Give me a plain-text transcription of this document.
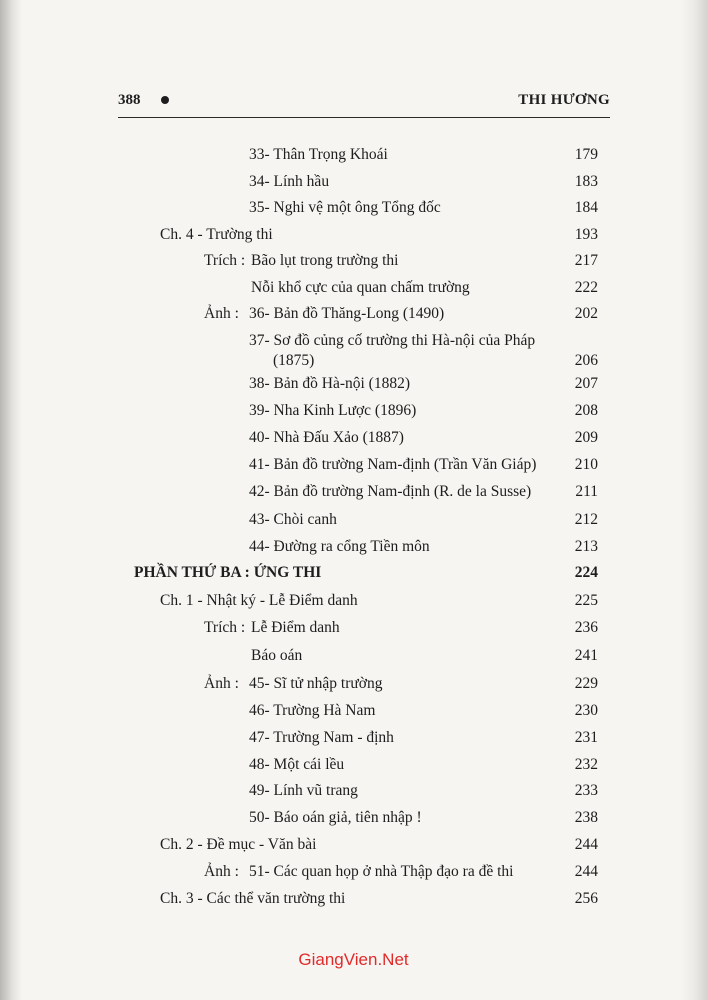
388	THI HƯƠNG
33- Thân Trọng Khoái	179
34- Lính hầu	183
35- Nghi vệ một ông Tổng đốc	184
Ch. 4 - Trường thi	193
Trích : Bão lụt trong trường thi	217
Nỗi khổ cực của quan chấm trường	222
Ảnh : 36- Bản đồ Thăng-Long (1490)	202
37- Sơ đồ củng cố trường thi Hà-nội của Pháp
(1875)	206
38- Bản đồ Hà-nội (1882)	207
39- Nha Kinh Lược (1896)	208
40- Nhà Đấu Xảo (1887)	209
41- Bản đồ trường Nam-định (Trần Văn Giáp)	210
42- Bản đồ trường Nam-định (R. de la Susse)	211
43- Chòi canh	212
44- Đường ra cổng Tiền môn	213
PHẦN THỨ BA : ỨNG THI	224
Ch. 1 - Nhật ký - Lễ Điểm danh	225
Trích : Lễ Điểm danh	236
Báo oán	241
Ảnh : 45- Sĩ tử nhập trường	229
46- Trường Hà Nam	230
47- Trường Nam - định	231
48- Một cái lều	232
49- Lính vũ trang	233
50- Báo oán giả, tiên nhập !	238
Ch. 2 - Đề mục - Văn bài	244
Ảnh : 51- Các quan họp ở nhà Thập đạo ra đề thi	244
Ch. 3 - Các thể văn trường thi	256
GiangVien.Net
